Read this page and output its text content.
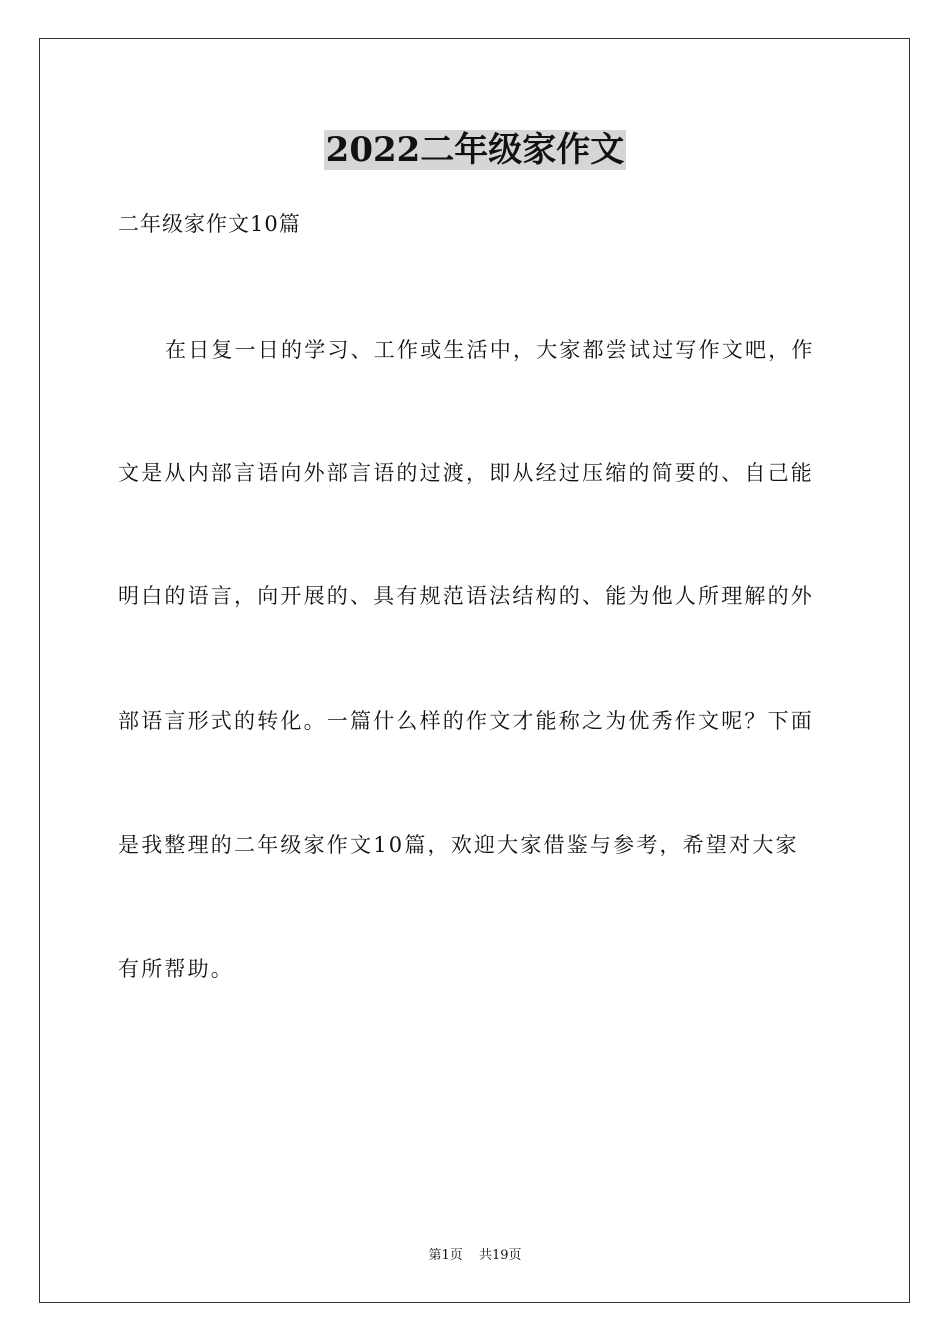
2022二年级家作文

二年级家作文10篇

在日复一日的学习、工作或生活中，大家都尝试过写作文吧，作

文是从内部言语向外部言语的过渡，即从经过压缩的简要的、自己能

明白的语言，向开展的、具有规范语法结构的、能为他人所理解的外

部语言形式的转化。一篇什么样的作文才能称之为优秀作文呢？下面

是我整理的二年级家作文10篇，欢迎大家借鉴与参考，希望对大家

有所帮助。

第1页 共19页
